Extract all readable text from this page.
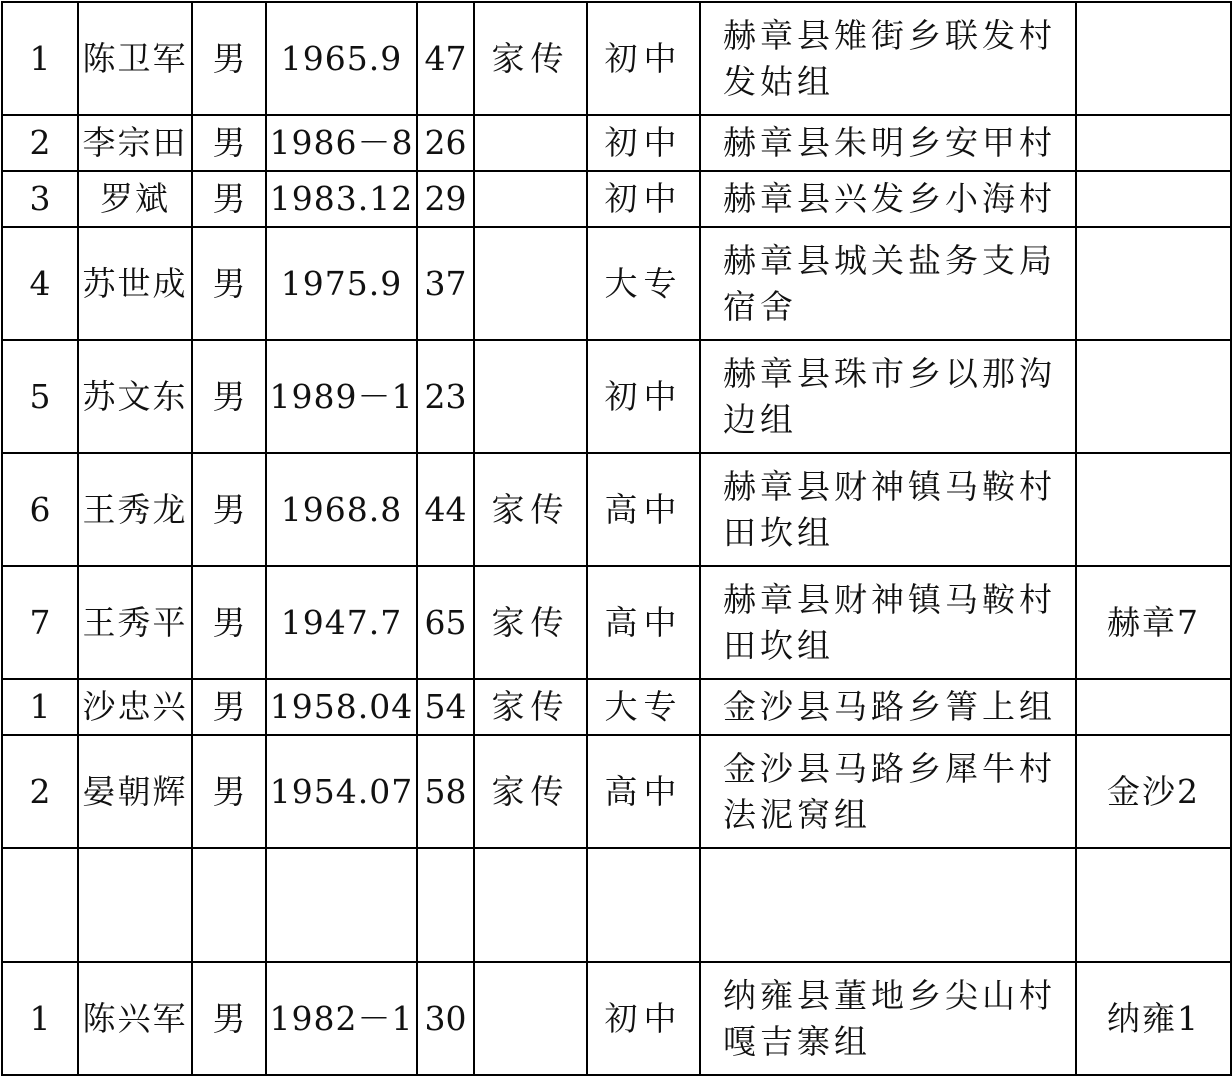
1	陈卫军	男	1965.9	47	家传	初中	赫章县雉街乡联发村发姑组	
2	李宗田	男	1986－8	26		初中	赫章县朱明乡安甲村	
3	罗斌	男	1983.12	29		初中	赫章县兴发乡小海村	
4	苏世成	男	1975.9	37		大专	赫章县城关盐务支局宿舍	
5	苏文东	男	1989－1	23		初中	赫章县珠市乡以那沟边组	
6	王秀龙	男	1968.8	44	家传	高中	赫章县财神镇马鞍村田坎组	
7	王秀平	男	1947.7	65	家传	高中	赫章县财神镇马鞍村田坎组	赫章7
1	沙忠兴	男	1958.04	54	家传	大专	金沙县马路乡箐上组	
2	晏朝辉	男	1954.07	58	家传	高中	金沙县马路乡犀牛村法泥窝组	金沙2

1	陈兴军	男	1982－1	30		初中	纳雍县董地乡尖山村嘎吉寨组	纳雍1
